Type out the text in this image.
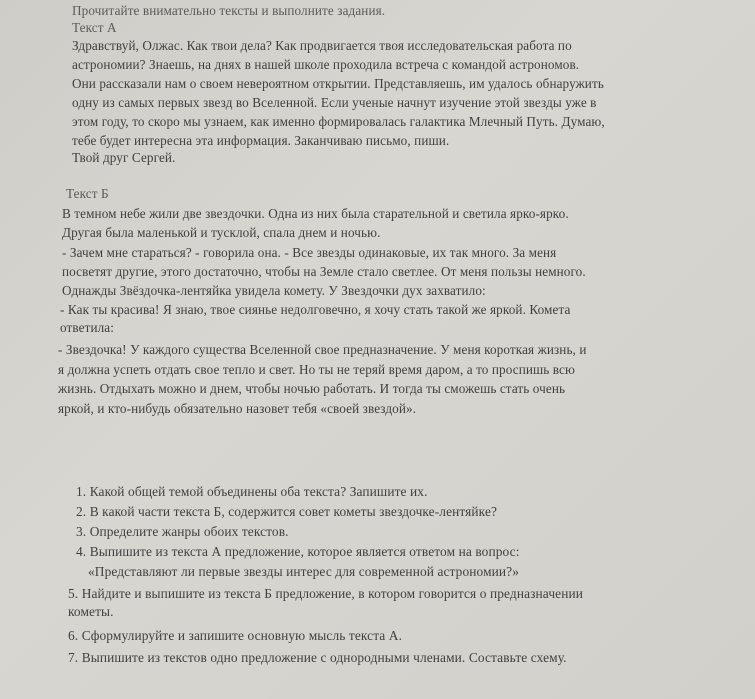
Прочитайте внимательно тексты и выполните задания.
Текст А
Здравствуй, Олжас. Как твои дела? Как продвигается твоя исследовательская работа по
астрономии? Знаешь, на днях в нашей школе проходила встреча с командой астрономов.
Они рассказали нам о своем невероятном открытии. Представляешь, им удалось обнаружить
одну из самых первых звезд во Вселенной. Если ученые начнут изучение этой звезды уже в
этом году, то скоро мы узнаем, как именно формировалась галактика Млечный Путь. Думаю,
тебе будет интересна эта информация. Заканчиваю письмо, пиши.
Твой друг Сергей.
Текст Б
В темном небе жили две звездочки. Одна из них была старательной и светила ярко-ярко.
Другая была маленькой и тусклой, спала днем и ночью.
- Зачем мне стараться? - говорила она. - Все звезды одинаковые, их так много. За меня
посветят другие, этого достаточно, чтобы на Земле стало светлее. От меня пользы немного.
Однажды Звёздочка-лентяйка увидела комету. У Звездочки дух захватило:
- Как ты красива! Я знаю, твое сиянье недолговечно, я хочу стать такой же яркой. Комета
ответила:
- Звездочка! У каждого существа Вселенной свое предназначение. У меня короткая жизнь, и
я должна успеть отдать свое тепло и свет. Но ты не теряй время даром, а то проспишь всю
жизнь. Отдыхать можно и днем, чтобы ночью работать. И тогда ты сможешь стать очень
яркой, и кто-нибудь обязательно назовет тебя «своей звездой».
1. Какой общей темой объединены оба текста? Запишите их.
2. В какой части текста Б, содержится совет кометы звездочке-лентяйке?
3. Определите жанры обоих текстов.
4. Выпишите из текста А предложение, которое является ответом на вопрос:
«Представляют ли первые звезды интерес для современной астрономии?»
5. Найдите и выпишите из текста Б предложение, в котором говорится о предназначении
кометы.
6. Сформулируйте и запишите основную мысль текста А.
7. Выпишите из текстов одно предложение с однородными членами. Составьте схему.
